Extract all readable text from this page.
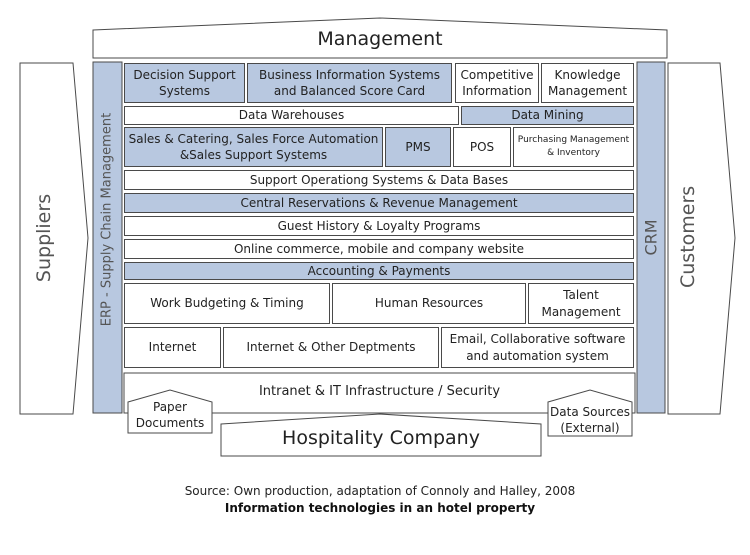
Management
Suppliers	Customers
ERP - Supply Chain Management	CRM
Decision Support Systems
Business Information Systems and Balanced Score Card
Competitive Information
Knowledge Management
Data Warehouses	Data Mining
Sales & Catering, Sales Force Automation &Sales Support Systems
PMS	POS	Purchasing Management & Inventory
Support Operationg Systems & Data Bases
Central Reservations & Revenue Management
Guest History & Loyalty Programs
Online commerce, mobile and company website
Accounting & Payments
Work Budgeting & Timing	Human Resources
Talent Management
Internet	Internet & Other Deptments
Email, Collaborative software and automation system
Intranet & IT Infrastructure / Security
Paper Documents
Data Sources (External)
Hospitality Company
Source: Own production, adaptation of Connoly and Halley, 2008
Information technologies in an hotel property
